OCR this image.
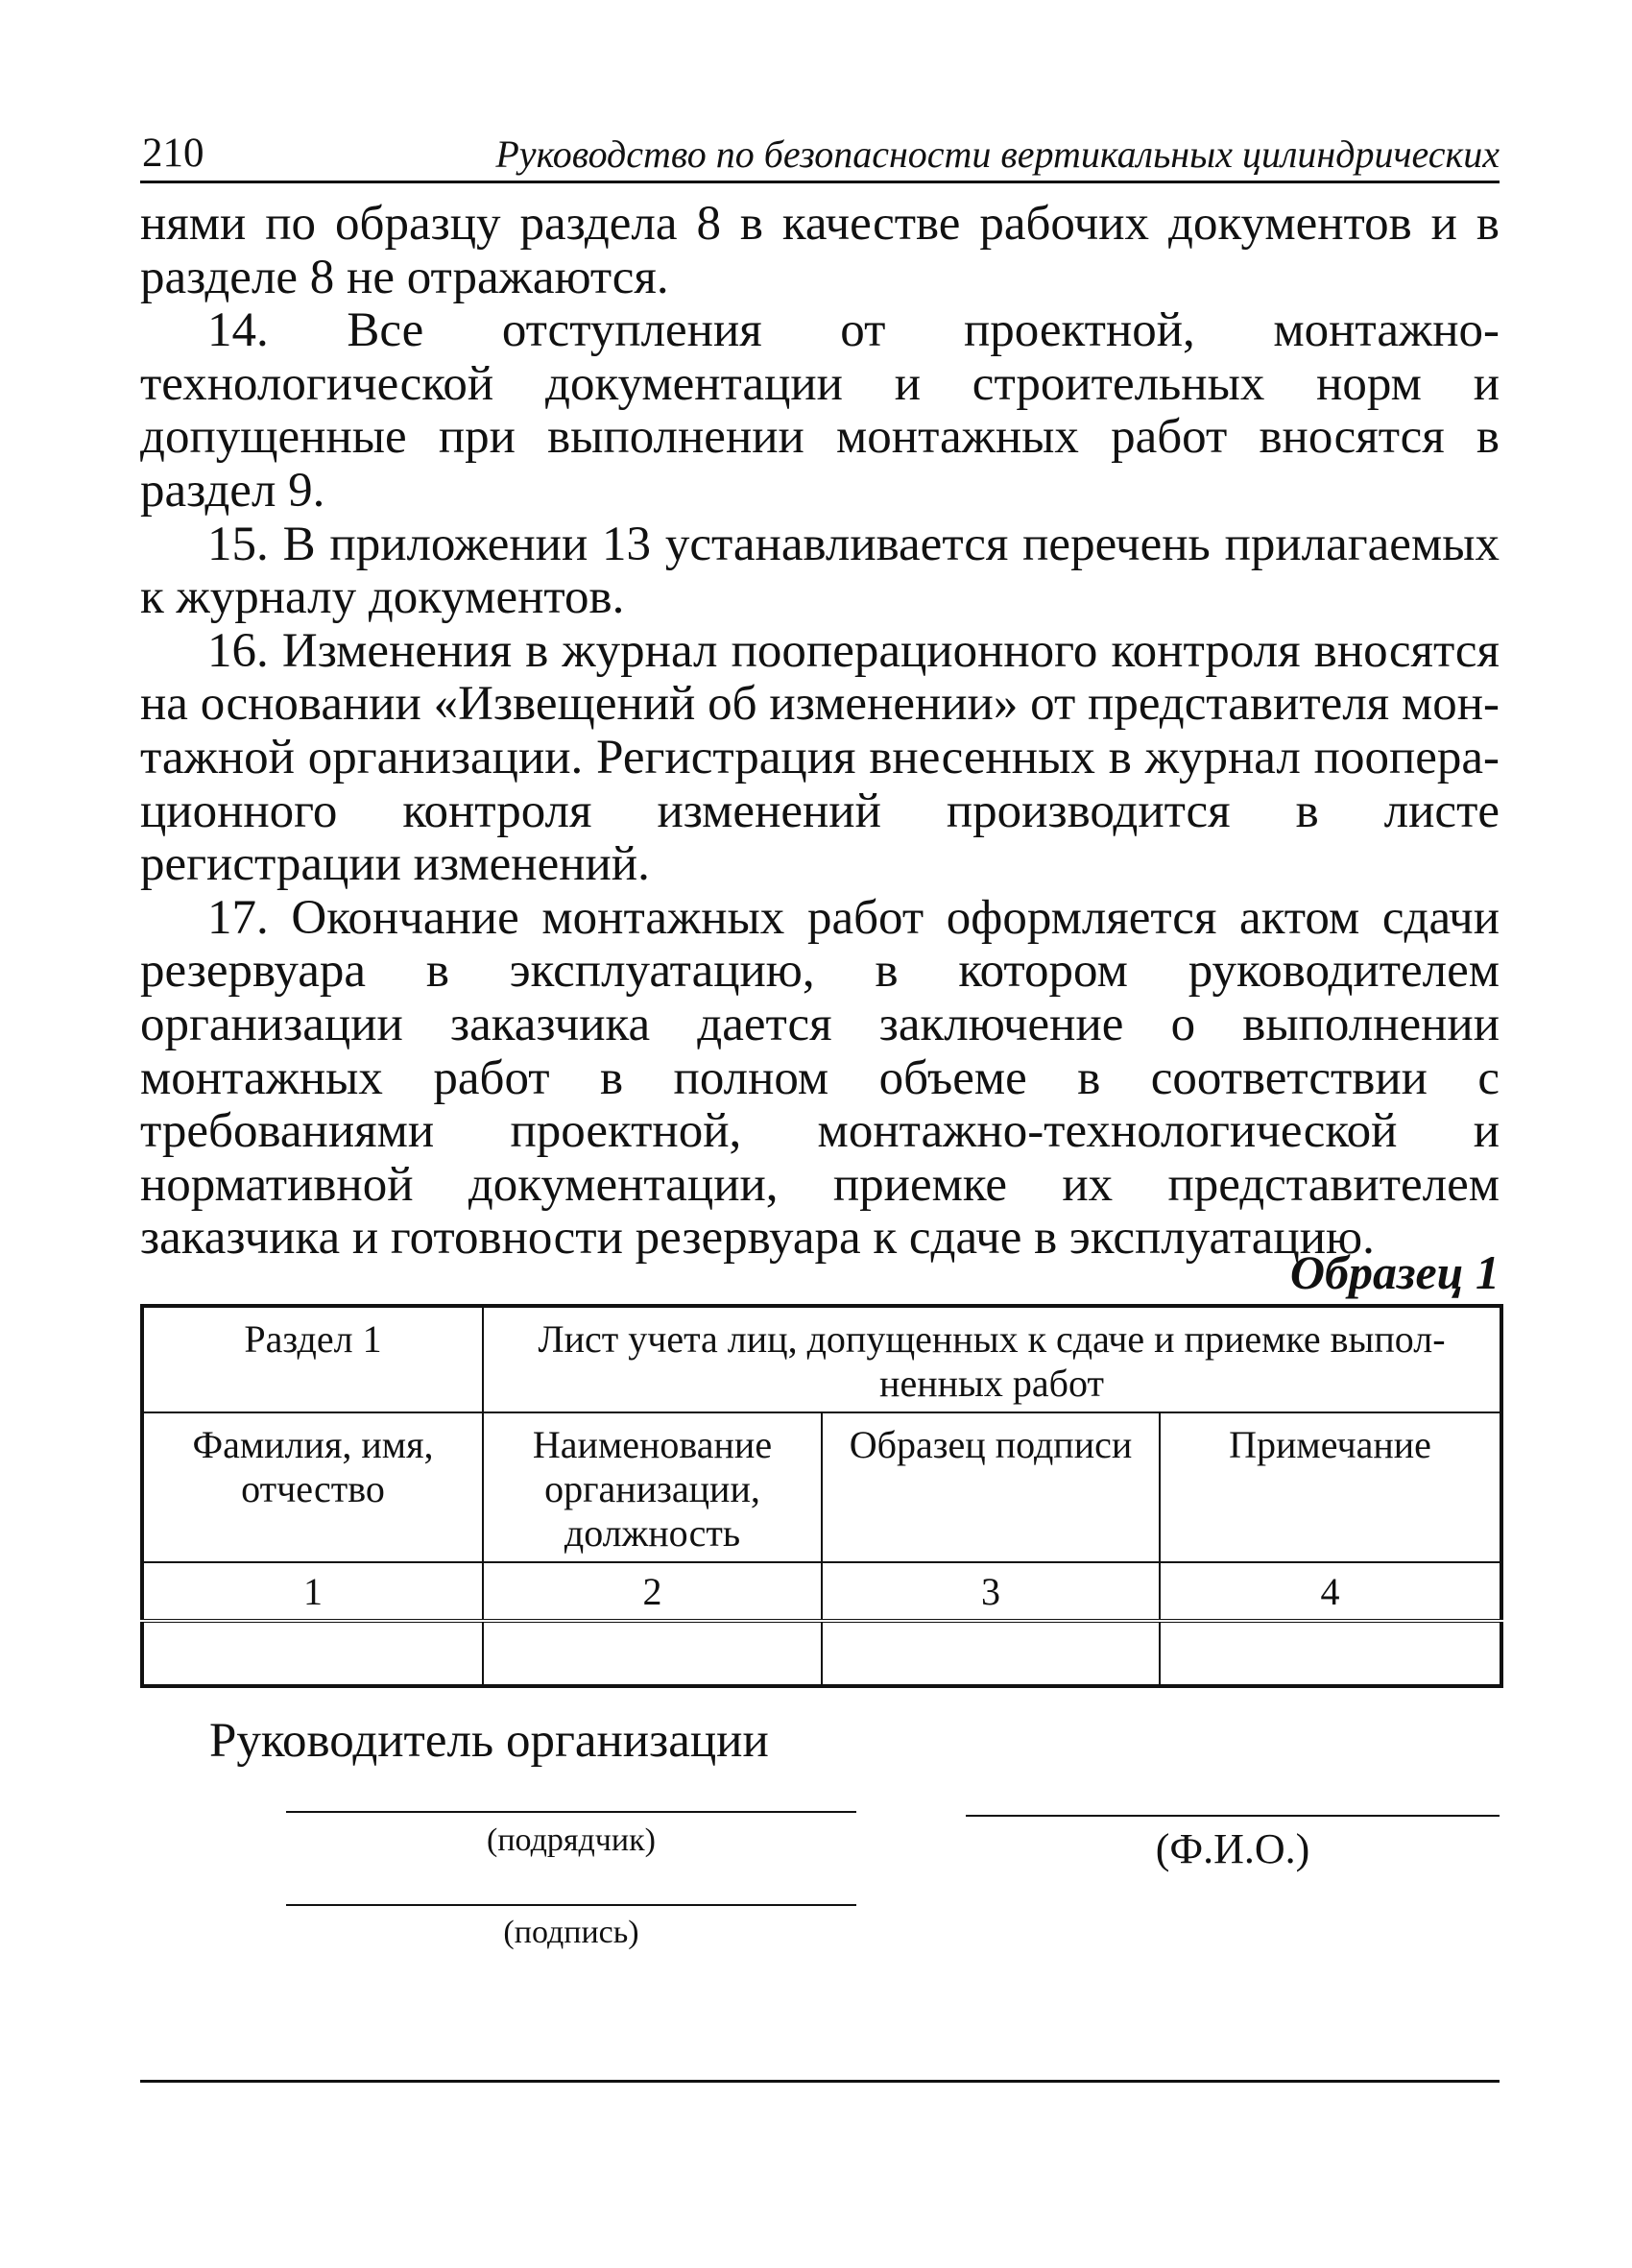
210	Руководство по безопасности вертикальных цилиндрических

нями по образцу раздела 8 в качестве рабочих документов и в разделе 8 не отражаются.

14. Все отступления от проектной, монтажно-технологической документации и строительных норм и допущенные при выполнении монтажных работ вносятся в раздел 9.

15. В приложении 13 устанавливается перечень прилагаемых к журналу документов.

16. Изменения в журнал пооперационного контроля вносятся на основании «Извещений об изменении» от представителя монтажной организации. Регистрация внесенных в журнал пооперационного контроля изменений производится в листе регистрации изменений.

17. Окончание монтажных работ оформляется актом сдачи резервуара в эксплуатацию, в котором руководителем организации заказчика дается заключение о выполнении монтажных работ в полном объеме в соответствии с требованиями проектной, монтажно-технологической и нормативной документации, приемке их представителем заказчика и готовности резервуара к сдаче в эксплуатацию.

Образец 1
Раздел 1	Лист учета лиц, допущенных к сдаче и приемке выполненных работ		
Фамилия, имя, отчество	Наименование организации, должность	Образец подписи	Примечание
1	2	3	4

Руководитель организации
(подрядчик)
(подпись)
(Ф.И.О.)
